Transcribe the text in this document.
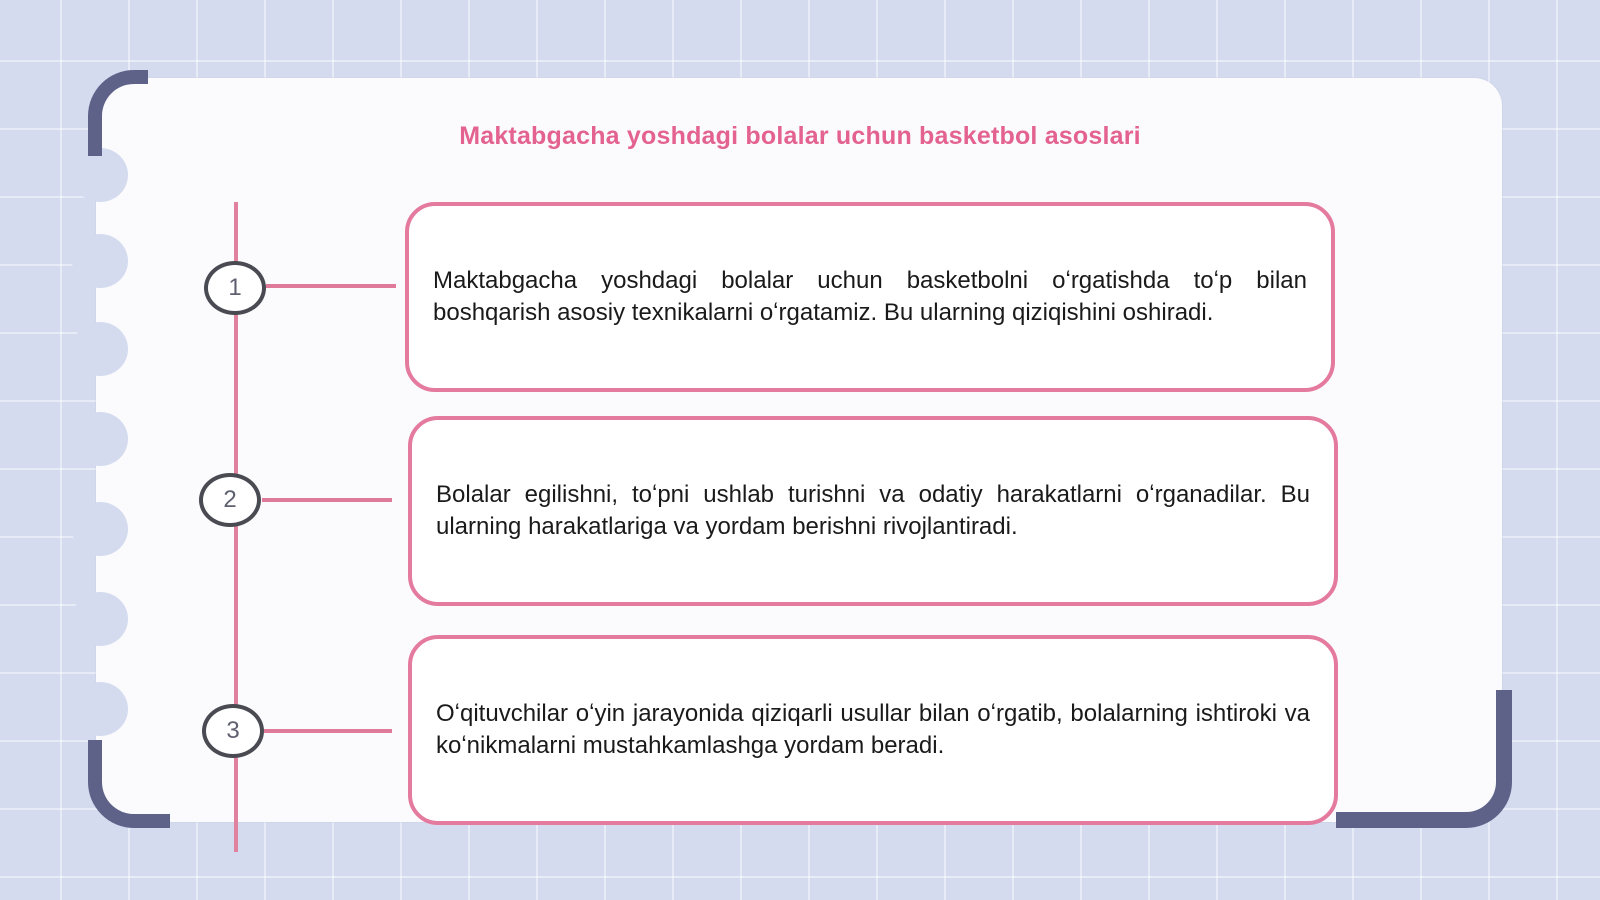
Maktabgacha yoshdagi bolalar uchun basketbol asoslari
1	Maktabgacha yoshdagi bolalar uchun basketbolni oʻrgatishda toʻp bilan boshqarish asosiy texnikalarni oʻrgatamiz. Bu ularning qiziqishini oshiradi.

2	Bolalar egilishni, toʻpni ushlab turishni va odatiy harakatlarni oʻrganadilar. Bu ularning harakatlariga va yordam berishni rivojlantiradi.

3

Oʻqituvchilar oʻyin jarayonida qiziqarli usullar bilan oʻrgatib, bolalarning ishtiroki va koʻnikmalarni mustahkamlashga yordam beradi.
